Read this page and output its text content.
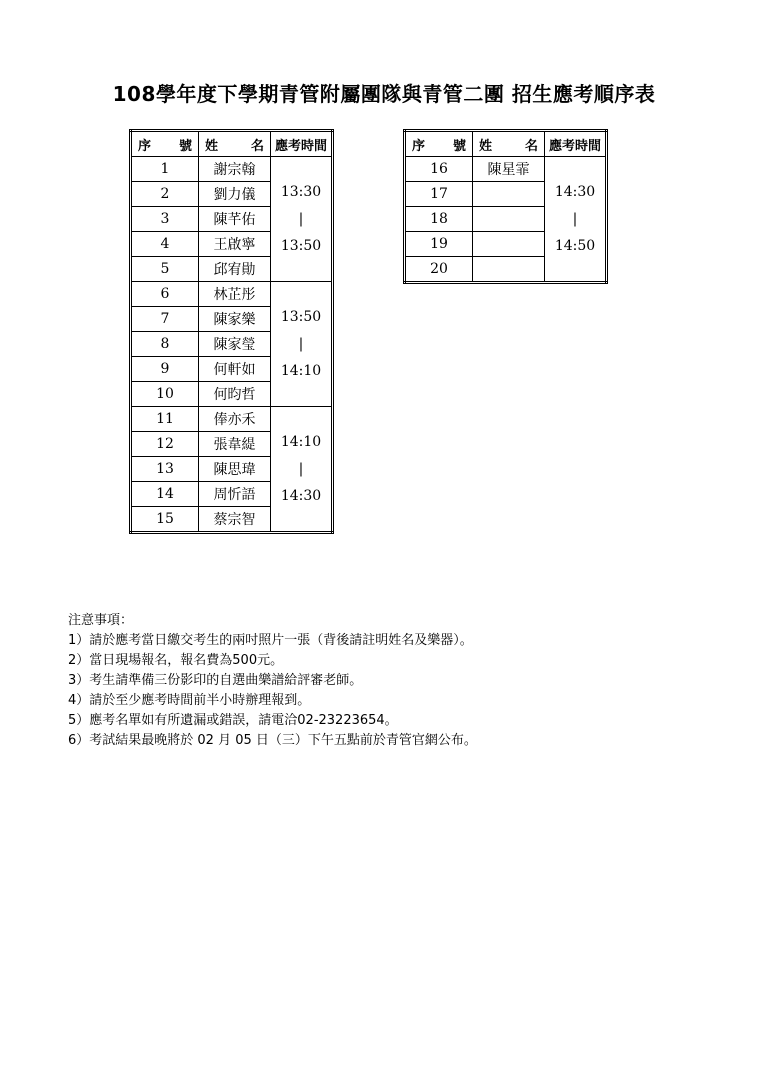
108學年度下學期青管附屬團隊與青管二團 招生應考順序表
序 號	姓 名	應考時間
1	謝宗翰	13:30
|
13:50

2	劉力儀	
3	陳芊佑	
4	王啟寧	
5	邱宥勛	
6	林芷彤	13:50
|
14:10

7	陳家樂	
8	陳家瑩	
9	何軒如	
10	何昀哲	
11	俸亦禾	14:10
|
14:30

12	張韋緹	
13	陳思瑋	
14	周忻語	
15	蔡宗智	
序 號	姓 名	應考時間
16	陳星霏	14:30
|
14:50

17		
18		
19		
20		
注意事項：
1）請於應考當日繳交考生的兩吋照片一張（背後請註明姓名及樂器）。
2）當日現場報名，報名費為500元。
3）考生請準備三份影印的自選曲樂譜給評審老師。
4）請於至少應考時間前半小時辦理報到。
5）應考名單如有所遺漏或錯誤，請電洽02-23223654。
6）考試結果最晚將於 02 月 05 日（三）下午五點前於青管官網公布。
